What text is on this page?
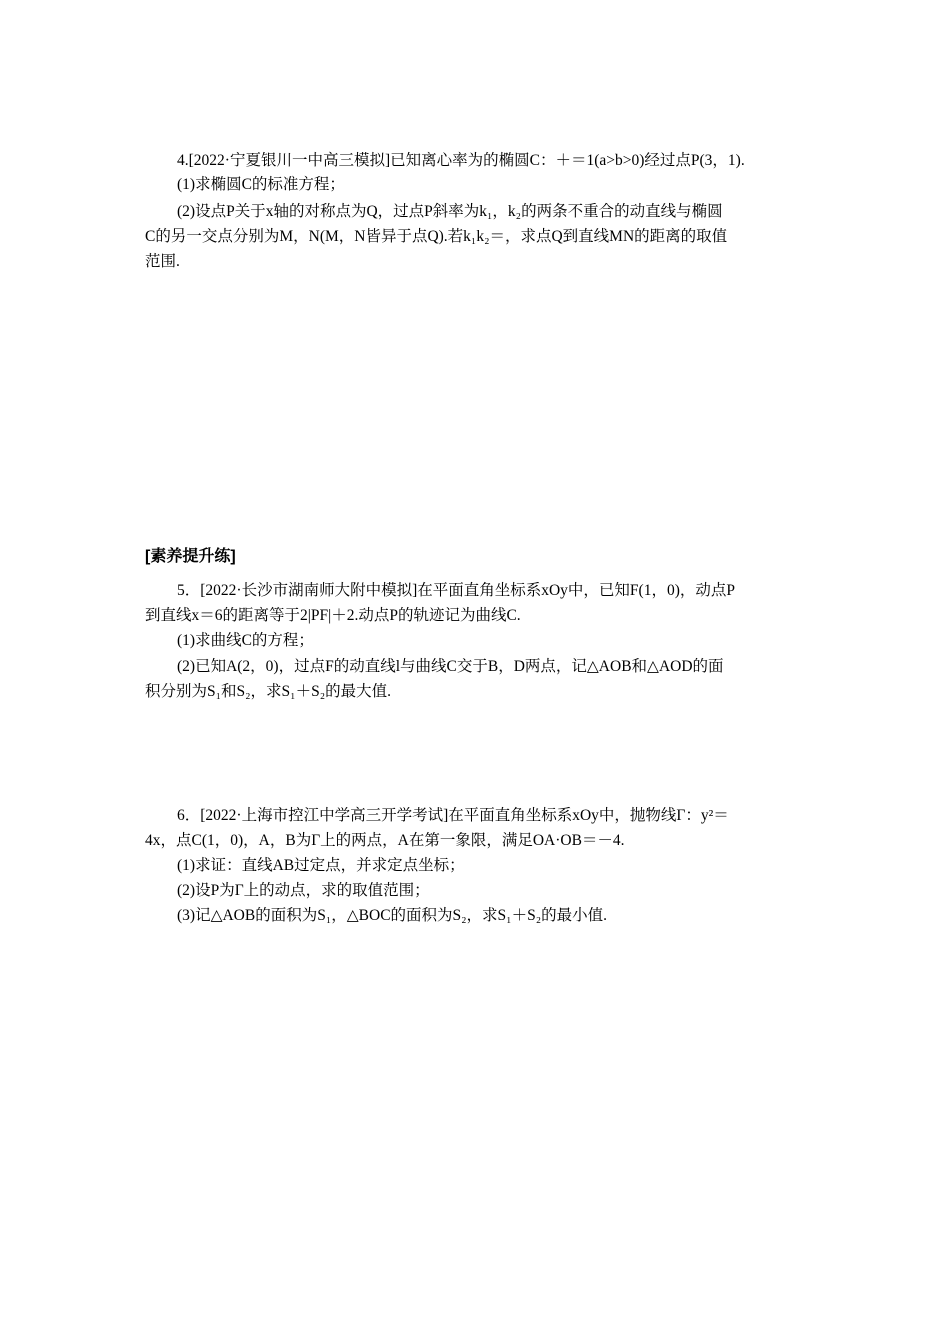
4.[2022·宁夏银川一中高三模拟]已知离心率为的椭圆C：＋＝1(a>b>0)经过点P(3，1).
(1)求椭圆C的标准方程；
(2)设点P关于x轴的对称点为Q，过点P斜率为k₁，k₂的两条不重合的动直线与椭圆
C的另一交点分别为M，N(M，N皆异于点Q).若k₁k₂＝，求点Q到直线MN的距离的取值
范围.
[素养提升练]
5．[2022·长沙市湖南师大附中模拟]在平面直角坐标系xOy中，已知F(1，0)，动点P
到直线x＝6的距离等于2|PF|＋2.动点P的轨迹记为曲线C.
(1)求曲线C的方程；
(2)已知A(2，0)，过点F的动直线l与曲线C交于B，D两点，记△AOB和△AOD的面
积分别为S₁和S₂，求S₁＋S₂的最大值.
6．[2022·上海市控江中学高三开学考试]在平面直角坐标系xOy中，抛物线Γ：y²＝
4x，点C(1，0)，A，B为Γ上的两点，A在第一象限，满足OA·OB＝－4.
(1)求证：直线AB过定点，并求定点坐标；
(2)设P为Γ上的动点，求的取值范围；
(3)记△AOB的面积为S₁，△BOC的面积为S₂，求S₁＋S₂的最小值.
